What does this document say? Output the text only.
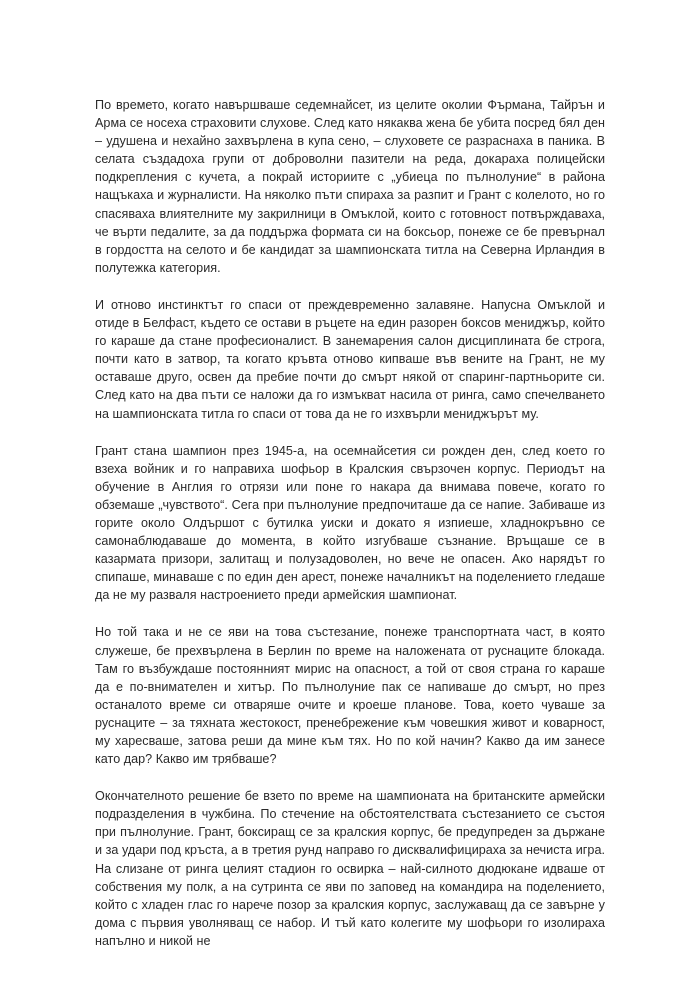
По времето, когато навършваше седемнайсет, из целите околии Фърмана, Тайрън и Арма се носеха страховити слухове. След като някаква жена бе убита посред бял ден – удушена и нехайно захвърлена в купа сено, – слуховете се разраснаха в паника. В селата създадоха групи от доброволни пазители на реда, докараха полицейски подкрепления с кучета, а покрай историите с „убиеца по пълнолуние“ в района нащъкаха и журналисти. На няколко пъти спираха за разпит и Грант с колелото, но го спасяваха влиятелните му закрилници в Омъклой, които с готовност потвърждаваха, че върти педалите, за да поддържа формата си на боксьор, понеже се бе превърнал в гордостта на селото и бе кандидат за шампионската титла на Северна Ирландия в полутежка категория.

И отново инстинктът го спаси от преждевременно залавяне. Напусна Омъклой и отиде в Белфаст, където се остави в ръцете на един разорен боксов мениджър, който го караше да стане професионалист. В занемарения салон дисциплината бе строга, почти като в затвор, та когато кръвта отново кипваше във вените на Грант, не му оставаше друго, освен да пребие почти до смърт някой от спаринг-партньорите си. След като на два пъти се наложи да го измъкват насила от ринга, само спечелването на шампионската титла го спаси от това да не го изхвърли мениджърът му.

Грант стана шампион през 1945-а, на осемнайсетия си рожден ден, след което го взеха войник и го направиха шофьор в Кралския свързочен корпус. Периодът на обучение в Англия го отрязи или поне го накара да внимава повече, когато го обземаше „чувството“. Сега при пълнолуние предпочиташе да се напие. Забиваше из горите около Олдършот с бутилка уиски и докато я изпиеше, хладнокръвно се самонаблюдаваше до момента, в който изгубваше съзнание. Връщаше се в казармата призори, залитащ и полузадоволен, но вече не опасен. Ако нарядът го спипаше, минаваше с по един ден арест, понеже началникът на поделението гледаше да не му разваля настроението преди армейския шампионат.

Но той така и не се яви на това състезание, понеже транспортната част, в която служеше, бе прехвърлена в Берлин по време на наложената от руснаците блокада. Там го възбуждаше постоянният мирис на опасност, а той от своя страна го караше да е по-внимателен и хитър. По пълнолуние пак се напиваше до смърт, но през останалото време си отваряше очите и кроеше планове. Това, което чуваше за руснаците – за тяхната жестокост, пренебрежение към човешкия живот и коварност, му харесваше, затова реши да мине към тях. Но по кой начин? Какво да им занесе като дар? Какво им трябваше?

Окончателното решение бе взето по време на шампионата на британските армейски подразделения в чужбина. По стечение на обстоятелствата състезанието се състоя при пълнолуние. Грант, боксиращ се за кралския корпус, бе предупреден за държане и за удари под кръста, а в третия рунд направо го дисквалифицираха за нечиста игра. На слизане от ринга целият стадион го освирка – най-силното дюдюкане идваше от собствения му полк, а на сутринта се яви по заповед на командира на поделението, който с хладен глас го нарече позор за кралския корпус, заслужаващ да се завърне у дома с първия уволняващ се набор. И тъй като колегите му шофьори го изолираха напълно и никой не
